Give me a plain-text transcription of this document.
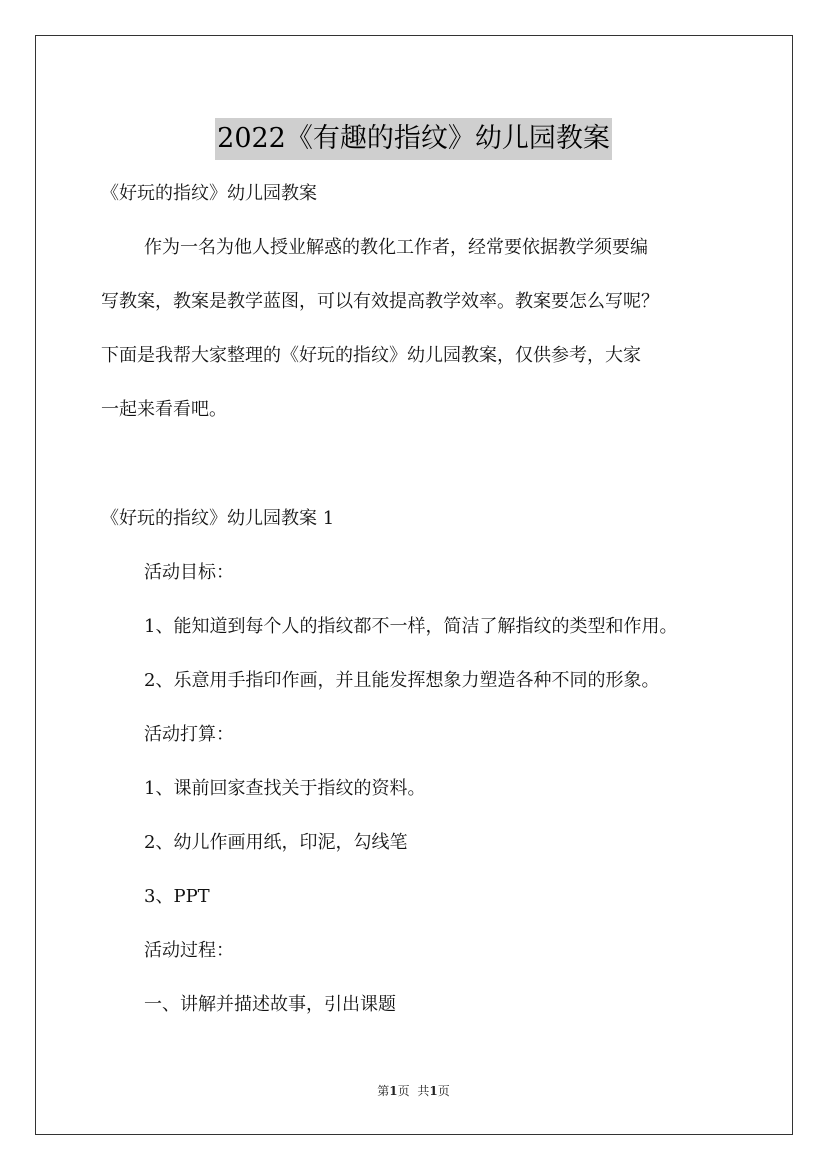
2022《有趣的指纹》幼儿园教案
《好玩的指纹》幼儿园教案
作为一名为他人授业解惑的教化工作者，经常要依据教学须要编
写教案，教案是教学蓝图，可以有效提高教学效率。教案要怎么写呢？
下面是我帮大家整理的《好玩的指纹》幼儿园教案，仅供参考，大家
一起来看看吧。
《好玩的指纹》幼儿园教案 1
活动目标：
1、能知道到每个人的指纹都不一样，简洁了解指纹的类型和作用。
2、乐意用手指印作画，并且能发挥想象力塑造各种不同的形象。
活动打算：
1、课前回家查找关于指纹的资料。
2、幼儿作画用纸，印泥，勾线笔
3、PPT
活动过程：
一、讲解并描述故事，引出课题
第1页 共1页
